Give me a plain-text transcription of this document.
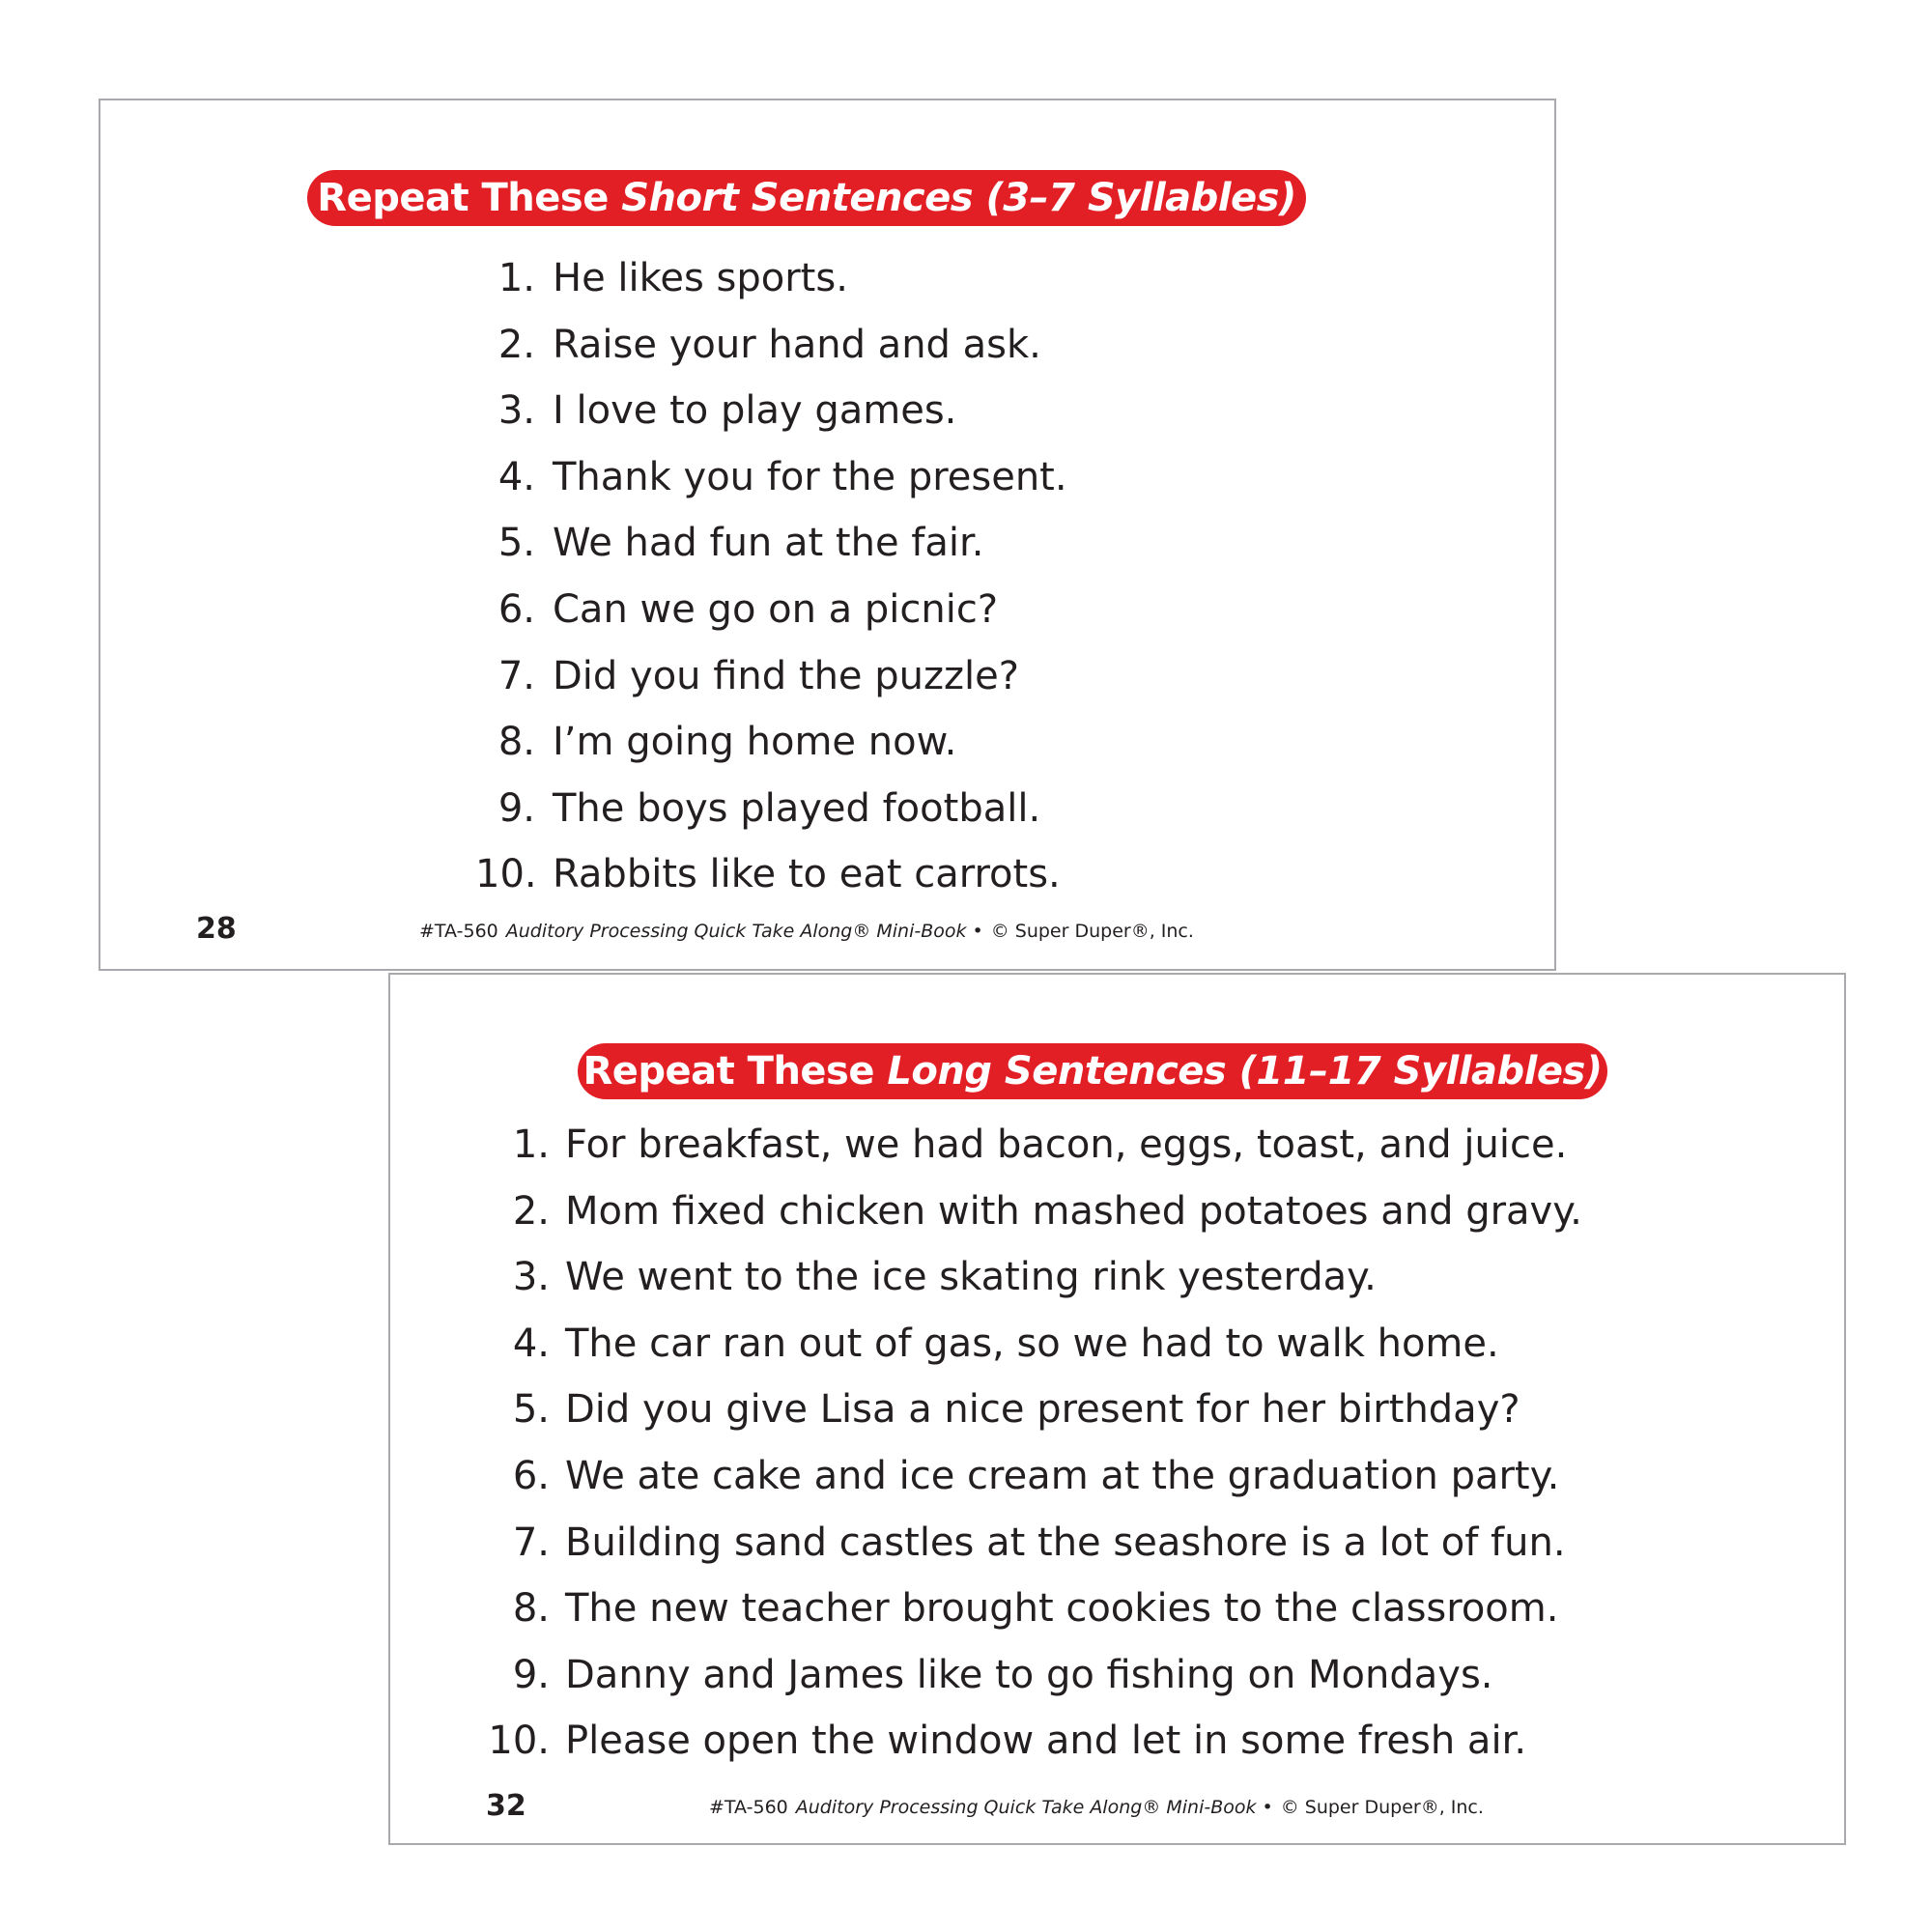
Repeat These Short Sentences (3–7 Syllables)
1. He likes sports.
2. Raise your hand and ask.
3. I love to play games.
4. Thank you for the present.
5. We had fun at the fair.
6. Can we go on a picnic?
7. Did you find the puzzle?
8. I’m going home now.
9. The boys played football.
10. Rabbits like to eat carrots.
28	#TA-560 Auditory Processing Quick Take Along® Mini-Book • © Super Duper®, Inc.
Repeat These Long Sentences (11–17 Syllables)
1. For breakfast, we had bacon, eggs, toast, and juice.
2. Mom fixed chicken with mashed potatoes and gravy.
3. We went to the ice skating rink yesterday.
4. The car ran out of gas, so we had to walk home.
5. Did you give Lisa a nice present for her birthday?
6. We ate cake and ice cream at the graduation party.
7. Building sand castles at the seashore is a lot of fun.
8. The new teacher brought cookies to the classroom.
9. Danny and James like to go fishing on Mondays.
10. Please open the window and let in some fresh air.
32	#TA-560 Auditory Processing Quick Take Along® Mini-Book • © Super Duper®, Inc.
